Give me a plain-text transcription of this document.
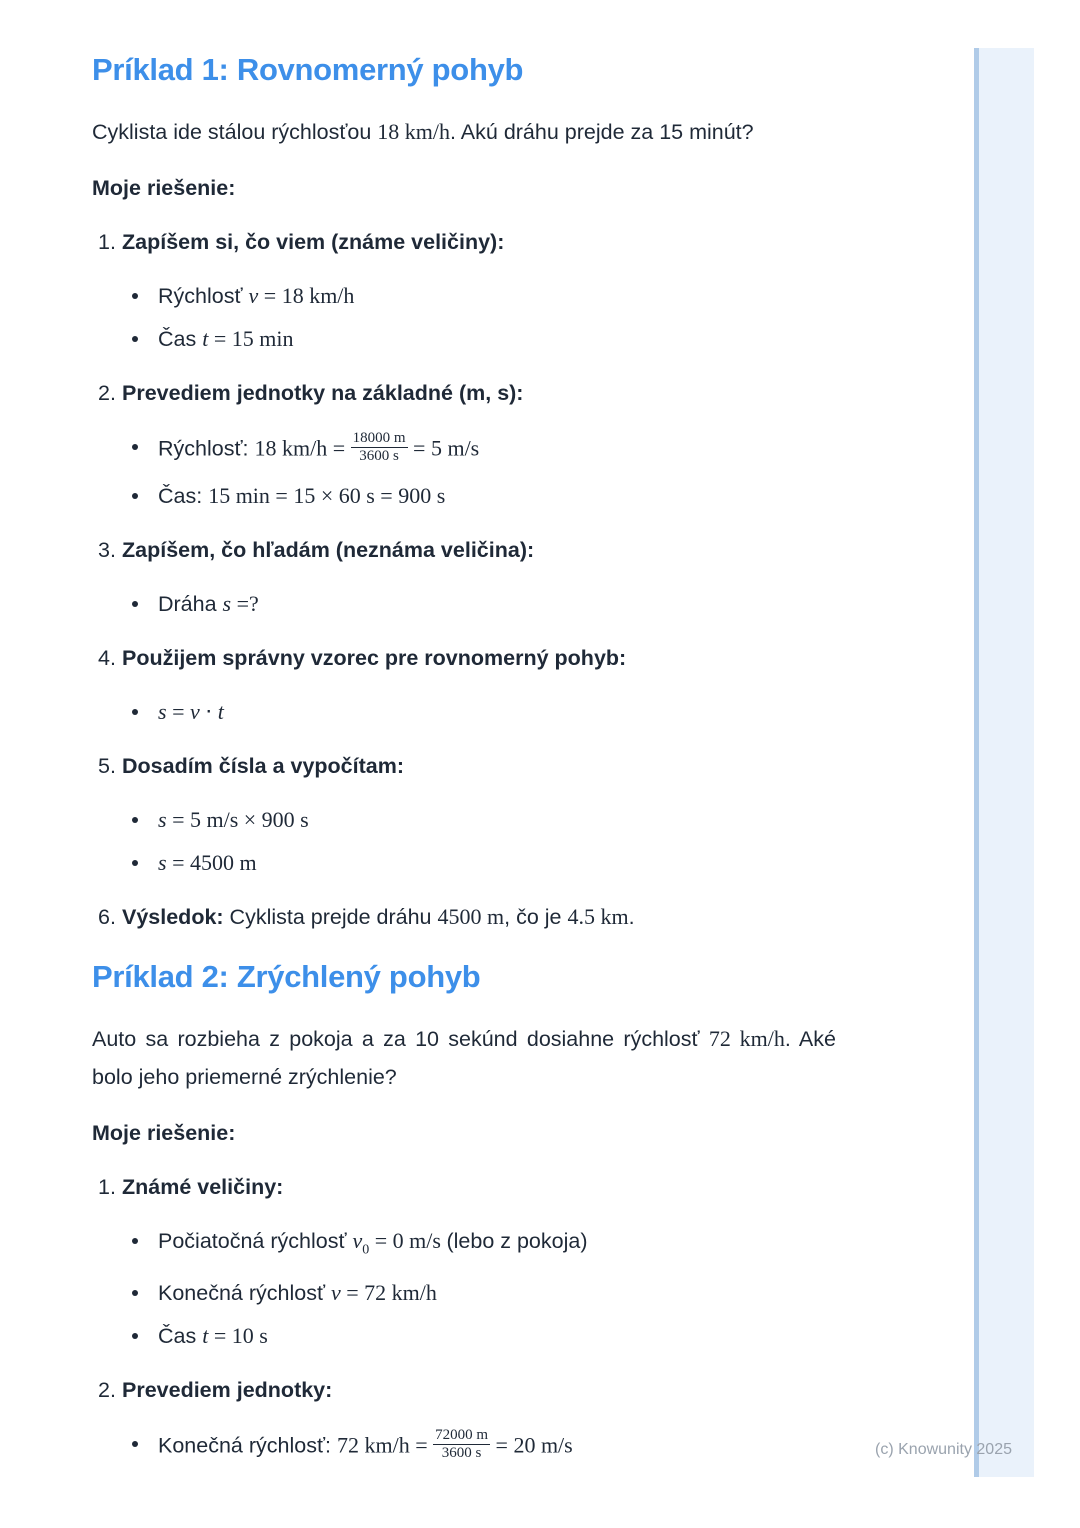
Príklad 1: Rovnomerný pohyb

Cyklista ide stálou rýchlosťou 18 km/h. Akú dráhu prejde za 15 minút?

Moje riešenie:

1. Zapíšem si, čo viem (známe veličiny):
Rýchlosť v = 18 km/h
Čas t = 15 min
2. Prevediem jednotky na základné (m, s):
Rýchlosť: 18 $km/h = \frac{18000 m}{3600 s} = 5$ m/s
Čas: 15 min = 15 × 60 s = 900 s
3. Zapíšem, čo hľadám (neznáma veličina):
Dráha s =?
4. Použijem správny vzorec pre rovnomerný pohyb:
s = v ⋅ t
5. Dosadím čísla a vypočítam:
s = 5 m/s × 900 s
s = 4500 m
6. Výsledok: Cyklista prejde dráhu 4500 m, čo je 4.5 km.
Príklad 2: Zrýchlený pohyb

Auto sa rozbieha z pokoja a za 10 sekúnd dosiahne rýchlosť 72 km/h. Aké bolo jeho priemerné zrýchlenie?

Moje riešenie:

1. Známé veličiny:
Počiatočná rýchlosť $v_0 = 0$ m/s (lebo z pokoja)
Konečná rýchlosť v = 72 km/h
Čas t = 10 s
2. Prevediem jednotky:
Konečná rýchlosť: 72 $km/h = \frac{72000 m}{3600 s} = 20$ m/s	(c) Knowunity 2025
